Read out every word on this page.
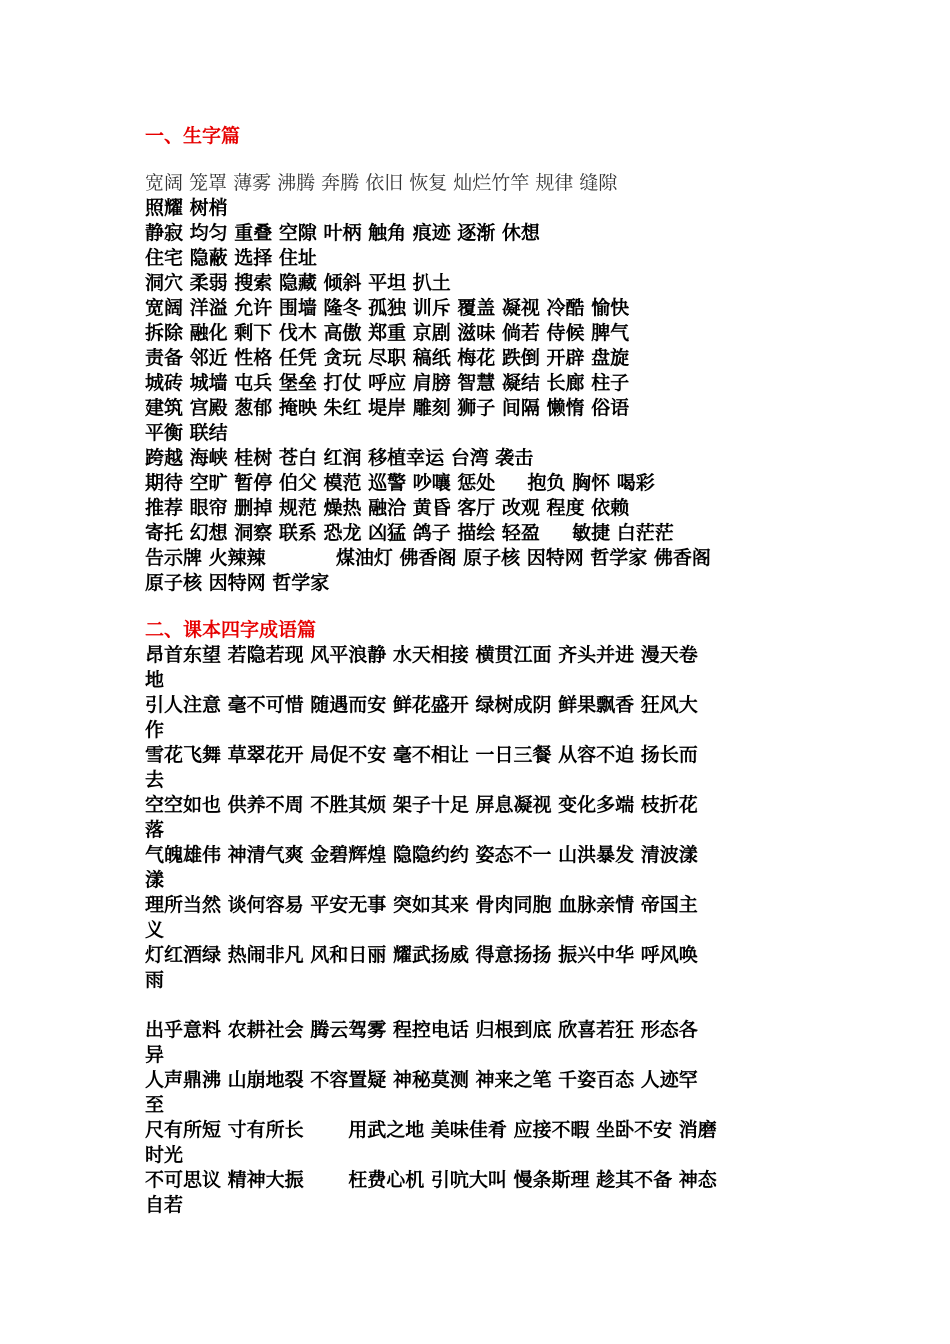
一、生字篇
宽阔 笼罩 薄雾 沸腾 奔腾 依旧 恢复 灿烂竹竿 规律 缝隙
照耀 树梢
静寂 均匀 重叠 空隙 叶柄 触角 痕迹 逐渐 休想
住宅 隐蔽 选择 住址
洞穴 柔弱 搜索 隐藏 倾斜 平坦 扒土
宽阔 洋溢 允许 围墙 隆冬 孤独 训斥 覆盖 凝视 冷酷 愉快
拆除 融化 剩下 伐木 高傲 郑重 京剧 滋味 倘若 侍候 脾气
责备 邻近 性格 任凭 贪玩 尽职 稿纸 梅花 跌倒 开辟 盘旋
城砖 城墙 屯兵 堡垒 打仗 呼应 肩膀 智慧 凝结 长廊 柱子
建筑 宫殿 葱郁 掩映 朱红 堤岸 雕刻 狮子 间隔 懒惰 俗语
平衡 联结
跨越 海峡 桂树 苍白 红润 移植幸运 台湾 袭击
期待 空旷 暂停 伯父 模范 巡警 吵嚷 惩处 　 抱负 胸怀 喝彩
推荐 眼帘 删掉 规范 燥热 融洽 黄昏 客厅 改观 程度 依赖
寄托 幻想 洞察 联系 恐龙 凶猛 鸽子 描绘 轻盈 　 敏捷 白茫茫
告示牌 火辣辣 　　　 煤油灯 佛香阁 原子核 因特网 哲学家 佛香阁
原子核 因特网 哲学家
二、课本四字成语篇
昂首东望 若隐若现 风平浪静 水天相接 横贯江面 齐头并进 漫天卷
地
引人注意 毫不可惜 随遇而安 鲜花盛开 绿树成阴 鲜果飘香 狂风大
作
雪花飞舞 草翠花开 局促不安 毫不相让 一日三餐 从容不迫 扬长而
去
空空如也 供养不周 不胜其烦 架子十足 屏息凝视 变化多端 枝折花
落
气魄雄伟 神清气爽 金碧辉煌 隐隐约约 姿态不一 山洪暴发 清波漾
漾
理所当然 谈何容易 平安无事 突如其来 骨肉同胞 血脉亲情 帝国主
义
灯红酒绿 热闹非凡 风和日丽 耀武扬威 得意扬扬 振兴中华 呼风唤
雨
出乎意料 农耕社会 腾云驾雾 程控电话 归根到底 欣喜若狂 形态各
异
人声鼎沸 山崩地裂 不容置疑 神秘莫测 神来之笔 千姿百态 人迹罕
至
尺有所短 寸有所长 　　用武之地 美味佳肴 应接不暇 坐卧不安 消磨
时光
不可思议 精神大振 　　枉费心机 引吭大叫 慢条斯理 趁其不备 神态
自若
